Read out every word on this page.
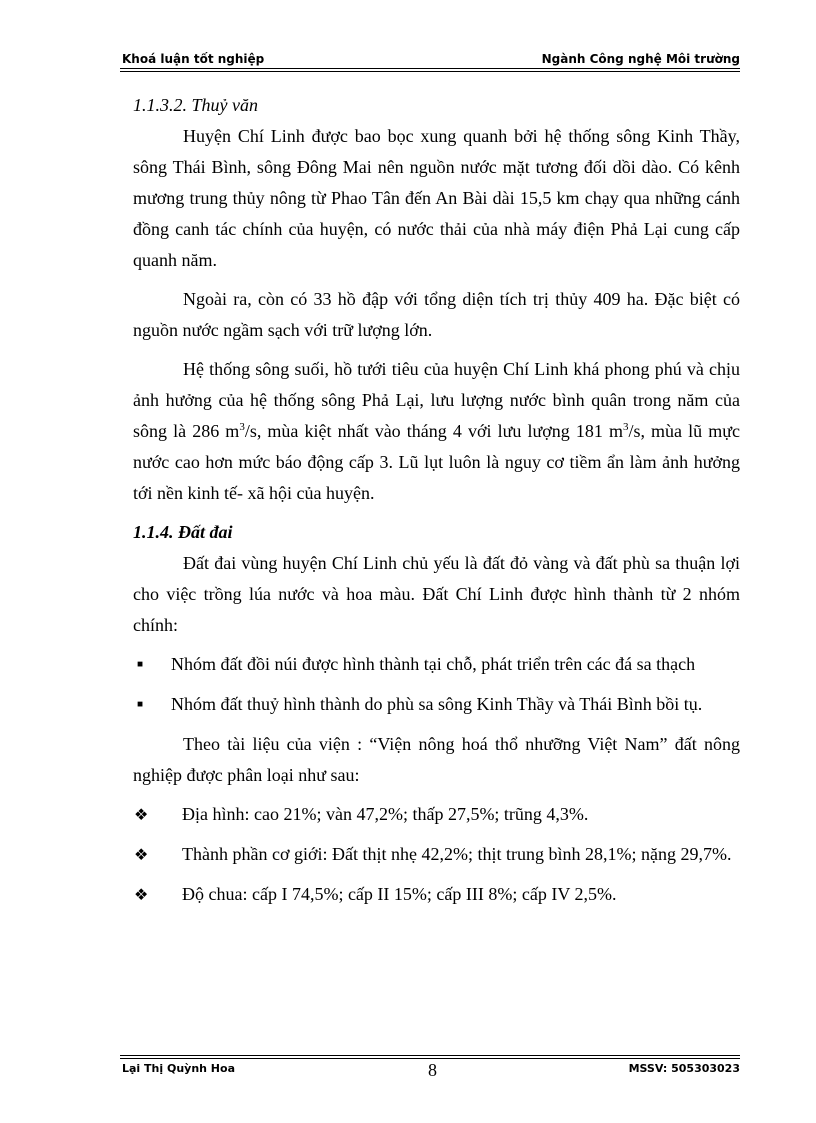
Khoá luận tốt nghiệp	Ngành Công nghệ Môi trường

1.1.3.2. Thuỷ văn

Huyện Chí Linh được bao bọc xung quanh bởi hệ thống sông Kinh Thầy, sông Thái Bình, sông Đông Mai nên nguồn nước mặt tương đối dồi dào. Có kênh mương trung thủy nông từ Phao Tân đến An Bài dài 15,5 km chạy qua những cánh đồng canh tác chính của huyện, có nước thải của nhà máy điện Phả Lại cung cấp quanh năm.

Ngoài ra, còn có 33 hồ đập với tổng diện tích trị thủy 409 ha. Đặc biệt có nguồn nước ngầm sạch với trữ lượng lớn.

Hệ thống sông suối, hồ tưới tiêu của huyện Chí Linh khá phong phú và chịu ảnh hưởng của hệ thống sông Phả Lại, lưu lượng nước bình quân trong năm của sông là 286 $m^3/s$, mùa kiệt nhất vào tháng 4 với lưu lượng 181 $m^3/s$, mùa lũ mực nước cao hơn mức báo động cấp 3. Lũ lụt luôn là nguy cơ tiềm ẩn làm ảnh hưởng tới nền kinh tế- xã hội của huyện.

1.1.4. Đất đai

Đất đai vùng huyện Chí Linh chủ yếu là đất đỏ vàng và đất phù sa thuận lợi cho việc trồng lúa nước và hoa màu. Đất Chí Linh được hình thành từ 2 nhóm chính:

■ Nhóm đất đồi núi được hình thành tại chỗ, phát triển trên các đá sa thạch
■ Nhóm đất thuỷ hình thành do phù sa sông Kinh Thầy và Thái Bình bồi tụ.

Theo tài liệu của viện : “Viện nông hoá thổ nhưỡng Việt Nam” đất nông nghiệp được phân loại như sau:

❖ Địa hình: cao 21%; vàn 47,2%; thấp 27,5%; trũng 4,3%.

❖ Thành phần cơ giới: Đất thịt nhẹ 42,2%; thịt trung bình 28,1%; nặng 29,7%.

❖ Độ chua: cấp I 74,5%; cấp II 15%; cấp III 8%; cấp IV 2,5%.

Lại Thị Quỳnh Hoa	8	MSSV: 505303023
